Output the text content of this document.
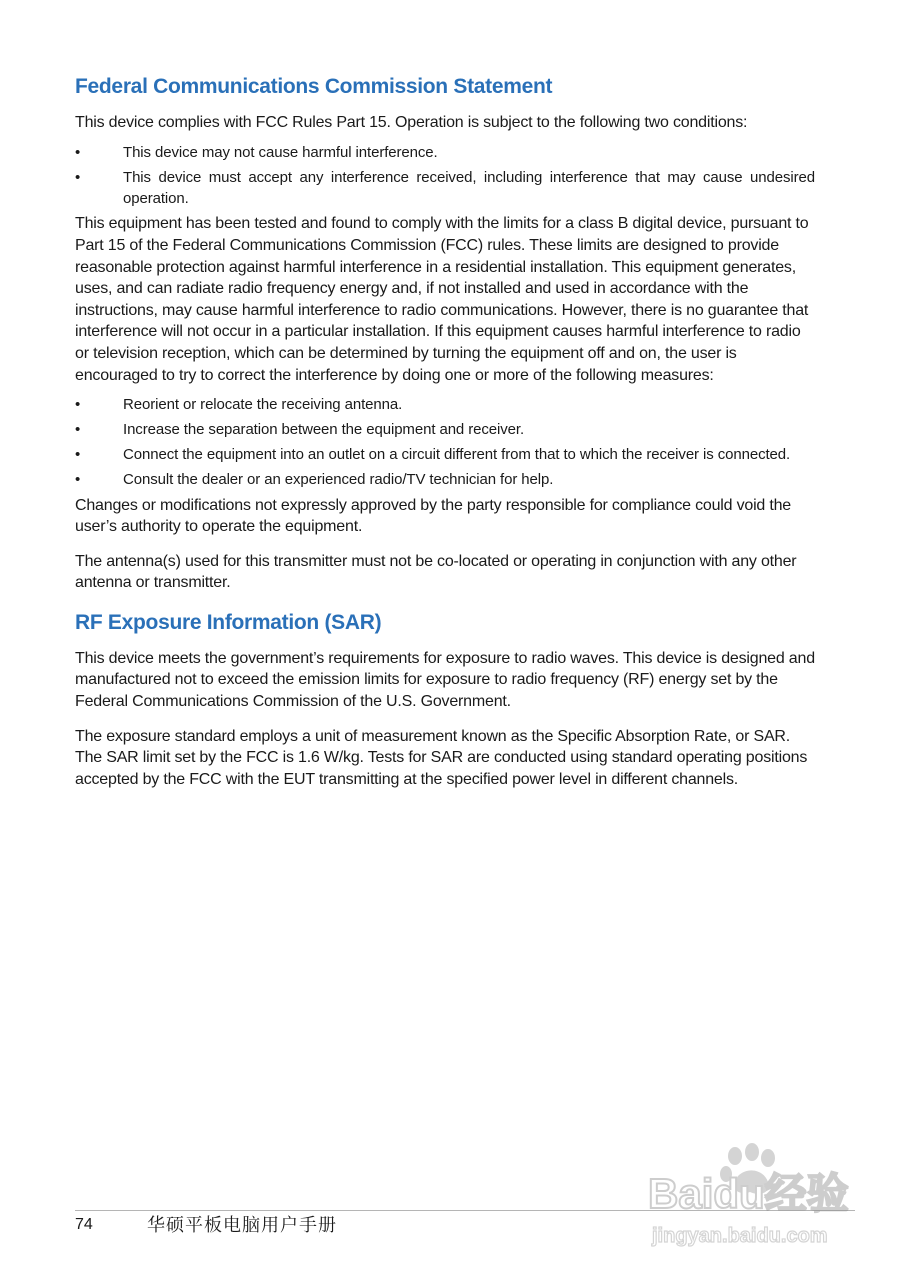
Federal Communications Commission Statement

This device complies with FCC Rules Part 15. Operation is subject to the following two conditions:

•	This device may not cause harmful interference.
•	This device must accept any interference received, including interference that may cause undesired operation.

This equipment has been tested and found to comply with the limits for a class B digital device, pursuant to Part 15 of the Federal Communications Commission (FCC) rules. These limits are designed to provide reasonable protection against harmful interference in a residential installation. This equipment generates, uses, and can radiate radio frequency energy and, if not installed and used in accordance with the instructions, may cause harmful interference to radio communications. However, there is no guarantee that interference will not occur in a particular installation. If this equipment causes harmful interference to radio or television reception, which can be determined by turning the equipment off and on, the user is encouraged to try to correct the interference by doing one or more of the following measures:

•	Reorient or relocate the receiving antenna.
•	Increase the separation between the equipment and receiver.
•	Connect the equipment into an outlet on a circuit different from that to which the receiver is connected.
•	Consult the dealer or an experienced radio/TV technician for help.

Changes or modifications not expressly approved by the party responsible for compliance could void the user’s authority to operate the equipment.

The antenna(s) used for this transmitter must not be co-located or operating in conjunction with any other antenna or transmitter.

RF Exposure Information (SAR)

This device meets the government’s requirements for exposure to radio waves. This device is designed and manufactured not to exceed the emission limits for exposure to radio frequency (RF) energy set by the Federal Communications Commission of the U.S. Government.

The exposure standard employs a unit of measurement known as the Specific Absorption Rate, or SAR. The SAR limit set by the FCC is 1.6 W/kg. Tests for SAR are conducted using standard operating positions accepted by the FCC with the EUT transmitting at the specified power level in different channels.

74	华硕平板电脑用户手册
Baidu经验
jingyan.baidu.com
